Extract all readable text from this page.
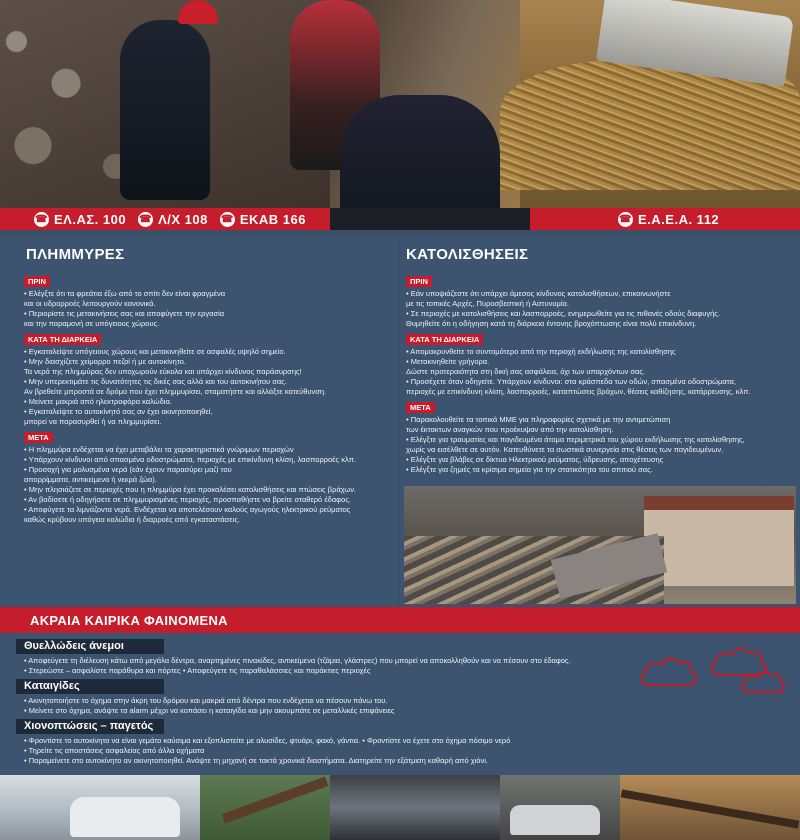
☎ ΕΛ.ΑΣ. 100 ☎ Λ/Χ 108 ☎ ΕΚΑΒ 166	☎ Ε.Α.Ε.Α. 112
ΠΛΗΜΜΥΡΕΣ
ΠΡΙΝ
• Ελέγξτε ότι τα φρεάτια έξω από το σπίτι δεν είναι φραγμένα
και οι υδρορροές λειτουργούν κανονικά.
• Περιορίστε τις μετακινήσεις σας και αποφύγετε την εργασία
και την παραμονή σε υπόγειους χώρους.
ΚΑΤΑ ΤΗ ΔΙΑΡΚΕΙΑ
• Εγκαταλείψτε υπόγειους χώρους και μετακινηθείτε σε ασφαλές υψηλό σημείο.
• Μην διασχίζετε χείμαρρο πεζοί ή με αυτοκίνητο.
Τα νερά της πλημμύρας δεν υποχωρούν εύκολα και υπάρχει κίνδυνος παράσυρσης!
• Μην υπερεκτιμάτε τις δυνατότητες τις δικές σας αλλά και του αυτοκινήτου σας.
Αν βρεθείτε μπροστά σε δρόμο που έχει πλημμυρίσει, σταματήστε και αλλάξτε κατεύθυνση.
• Μείνετε μακριά από ηλεκτροφόρα καλώδια.
• Εγκαταλείψτε το αυτοκίνητό σας αν έχει ακινητοποιηθεί,
μπορεί να παρασυρθεί ή να πλημμυρίσει.
ΜΕΤΑ
• Η πλημμύρα ενδέχεται να έχει μεταβάλει τα χαρακτηριστικά γνώριμων περιοχών
• Υπάρχουν κίνδυνοι από σπασμένα οδοστρώματα, περιοχές με επικίνδυνη κλίση, λασπορροές κλπ.
• Προσοχή για μολυσμένα νερά (εάν έχουν παρασύρει μαζί του
απορρίμματα, αντικείμενα ή νεκρά ζώα).
• Μην πλησιάζετε σε περιοχές που η πλημμύρα έχει προκαλέσει κατολισθήσεις και πτώσεις βράχων.
• Αν βαδίσετε ή οδηγήσετε σε πλημμυρισμένες περιοχές, προσπαθήστε να βρείτε σταθερό έδαφος.
• Αποφύγετε τα λιμνάζοντα νερά. Ενδέχεται να αποτελέσουν καλούς αγωγούς ηλεκτρικού ρεύματος
καθώς κρύβουν υπόγεια καλώδια ή διαρροές από εγκαταστάσεις.
ΚΑΤΟΛΙΣΘΗΣΕΙΣ
ΠΡΙΝ
• Εάν υποψιάζεστε ότι υπάρχει άμεσος κίνδυνος κατολισθήσεων, επικοινωνήστε
με τις τοπικές Αρχές, Πυροσβεστική ή Αστυνομία.
• Σε περιοχές με κατολισθήσεις και λασπορροές, ενημερωθείτε για τις πιθανές οδούς διαφυγής.
Θυμηθείτε ότι η οδήγηση κατά τη διάρκεια έντονης βροχόπτωσης είναι πολύ επικίνδυνη.
ΚΑΤΑ ΤΗ ΔΙΑΡΚΕΙΑ
• Απομακρυνθείτε το συντομότερο από την περιοχή εκδήλωσης της κατολίσθησης
• Μετακινηθείτε γρήγορα.
Δώστε προτεραιότητα στη δική σας ασφάλεια, όχι των υπαρχόντων σας.
• Προσέχετε όταν οδηγείτε. Υπάρχουν κίνδυνοι: στα κράσπεδα των οδών, σπασμένα οδοστρώματα,
περιοχές με επικίνδυνη κλίση, λασπορροές, καταπτώσεις βράχων, θέσεις καθίζησης, κατάρρευσης, κλπ.
ΜΕΤΑ
• Παρακολουθείτε τα τοπικά ΜΜΕ για πληροφορίες σχετικά με την αντιμετώπιση
των έκτακτων αναγκών που προέκυψαν από την κατολίσθηση.
• Ελέγξτε για τραυματίες και παγιδευμένα άτομα περιμετρικά του χώρου εκδήλωσης της κατολίσθησης,
χωρίς να εισέλθετε σε αυτόν. Κατευθύνετε τα σωστικά συνεργεία στις θέσεις των παγιδευμένων.
• Ελέγξτε για βλάβες σε δίκτυα Ηλεκτρικού ρεύματος, ύδρευσης, αποχέτευσης
• Ελέγξτε για ζημιές τα κρίσιμα σημεία για την στατικότητα του σπιτιού σας.
ΑΚΡΑΙΑ ΚΑΙΡΙΚΑ ΦΑΙΝΟΜΕΝΑ
Θυελλώδεις άνεμοι
• Αποφεύγετε τη διέλευση κάτω από μεγάλα δέντρα, αναρτημένες πινακίδες, αντικείμενα (τζάμια, γλάστρες) που μπορεί να αποκολληθούν και να πέσουν στο έδαφος.
• Στερεώστε – ασφαλίστε παράθυρα και πόρτες • Αποφεύγετε τις παραθαλάσσιες και παράκτιες περιοχές
Καταιγίδες
• Ακινητοποιήστε το όχημα στην άκρη του δρόμου και μακριά από δέντρα που ενδέχεται να πέσουν πάνω του.
• Μείνετε στο όχημα, ανάψτε τα alarm μέχρι να κοπάσει η καταιγίδα και μην ακουμπάτε σε μεταλλικές επιφάνειες
Χιονοπτώσεις – παγετός
• Φροντίστε το αυτοκίνητο να είναι γεμάτο καύσιμα και εξοπλιστείτε με αλυσίδες, φτυάρι, φακό, γάντια. • Φροντίστε να έχετε στο όχημα πόσιμο νερό
• Τηρείτε τις αποστάσεις ασφαλείας από άλλα οχήματα
• Παραμείνετε στο αυτοκίνητο αν ακινητοποιηθεί. Ανάψτε τη μηχανή σε τακτά χρονικά διαστήματα. Διατηρείτε την εξάτμιση καθαρή από χιόνι.
